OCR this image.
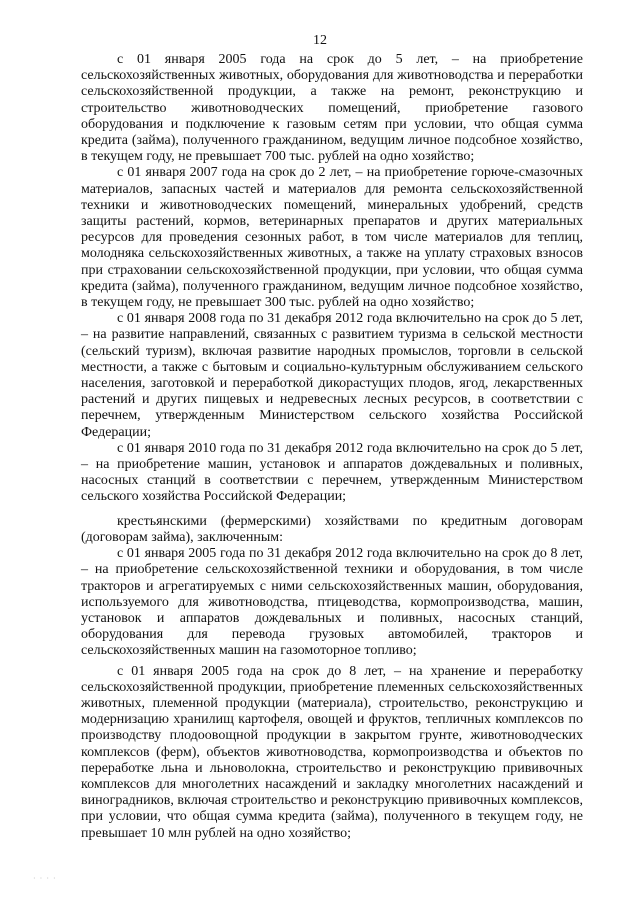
12

с 01 января 2005 года на срок до 5 лет, – на приобретение сельскохозяйственных животных, оборудования для животноводства и переработки сельскохозяйственной продукции, а также на ремонт, реконструкцию и строительство животноводческих помещений, приобретение газового оборудования и подключение к газовым сетям при условии, что общая сумма кредита (займа), полученного гражданином, ведущим личное подсобное хозяйство, в текущем году, не превышает 700 тыс. рублей на одно хозяйство;

с 01 января 2007 года на срок до 2 лет, – на приобретение горюче-смазочных материалов, запасных частей и материалов для ремонта сельскохозяйственной техники и животноводческих помещений, минеральных удобрений, средств защиты растений, кормов, ветеринарных препаратов и других материальных ресурсов для проведения сезонных работ, в том числе материалов для теплиц, молодняка сельскохозяйственных животных, а также на уплату страховых взносов при страховании сельскохозяйственной продукции, при условии, что общая сумма кредита (займа), полученного гражданином, ведущим личное подсобное хозяйство, в текущем году, не превышает 300 тыс. рублей на одно хозяйство;

с 01 января 2008 года по 31 декабря 2012 года включительно на срок до 5 лет, – на развитие направлений, связанных с развитием туризма в сельской местности (сельский туризм), включая развитие народных промыслов, торговли в сельской местности, а также с бытовым и социально-культурным обслуживанием сельского населения, заготовкой и переработкой дикорастущих плодов, ягод, лекарственных растений и других пищевых и недревесных лесных ресурсов, в соответствии с перечнем, утвержденным Министерством сельского хозяйства Российской Федерации;

с 01 января 2010 года по 31 декабря 2012 года включительно на срок до 5 лет, – на приобретение машин, установок и аппаратов дождевальных и поливных, насосных станций в соответствии с перечнем, утвержденным Министерством сельского хозяйства Российской Федерации;

крестьянскими (фермерскими) хозяйствами по кредитным договорам (договорам займа), заключенным:

с 01 января 2005 года по 31 декабря 2012 года включительно на срок до 8 лет, – на приобретение сельскохозяйственной техники и оборудования, в том числе тракторов и агрегатируемых с ними сельскохозяйственных машин, оборудования, используемого для животноводства, птицеводства, кормопроизводства, машин, установок и аппаратов дождевальных и поливных, насосных станций, оборудования для перевода грузовых автомобилей, тракторов и сельскохозяйственных машин на газомоторное топливо;

с 01 января 2005 года на срок до 8 лет, – на хранение и переработку сельскохозяйственной продукции, приобретение племенных сельскохозяйственных животных, племенной продукции (материала), строительство, реконструкцию и модернизацию хранилищ картофеля, овощей и фруктов, тепличных комплексов по производству плодоовощной продукции в закрытом грунте, животноводческих комплексов (ферм), объектов животноводства, кормопроизводства и объектов по переработке льна и льноволокна, строительство и реконструкцию прививочных комплексов для многолетних насаждений и закладку многолетних насаждений и виноградников, включая строительство и реконструкцию прививочных комплексов, при условии, что общая сумма кредита (займа), полученного в текущем году, не превышает 10 млн рублей на одно хозяйство;

· · · ·
